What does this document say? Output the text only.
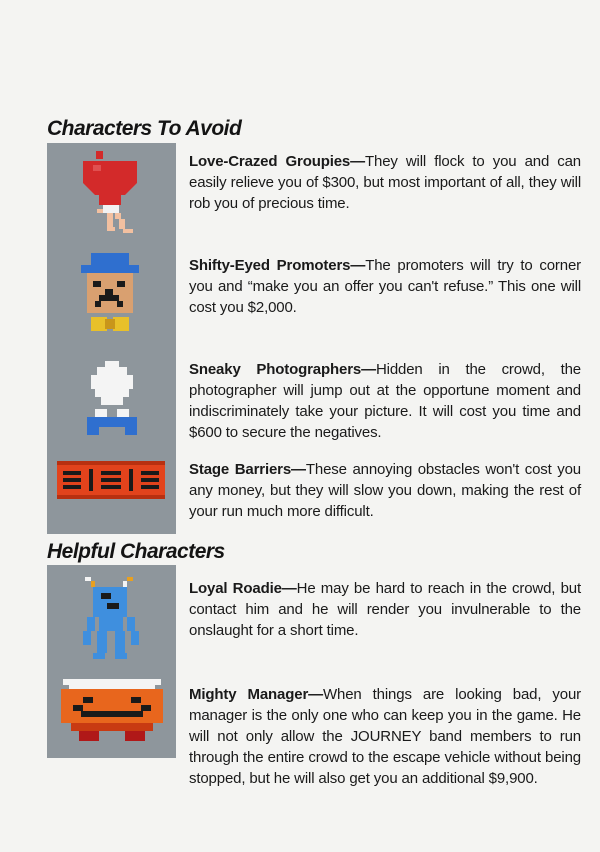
Characters To Avoid
Helpful Characters

Love-Crazed Groupies—They will flock to you and can easily relieve you of $300, but most important of all, they will rob you of precious time.

Shifty-Eyed Promoters—The promoters will try to corner you and “make you an offer you can't refuse.” This one will cost you $2,000.

Sneaky Photographers—Hidden in the crowd, the photographer will jump out at the opportune moment and indiscriminately take your picture. It will cost you time and $600 to secure the negatives.

Stage Barriers—These annoying obstacles won't cost you any money, but they will slow you down, making the rest of your run much more difficult.

Loyal Roadie—He may be hard to reach in the crowd, but contact him and he will render you invulnerable to the onslaught for a short time.

Mighty Manager—When things are looking bad, your manager is the only one who can keep you in the game. He will not only allow the JOURNEY band members to run through the entire crowd to the escape vehicle without being stopped, but he will also get you an additional $9,900.
